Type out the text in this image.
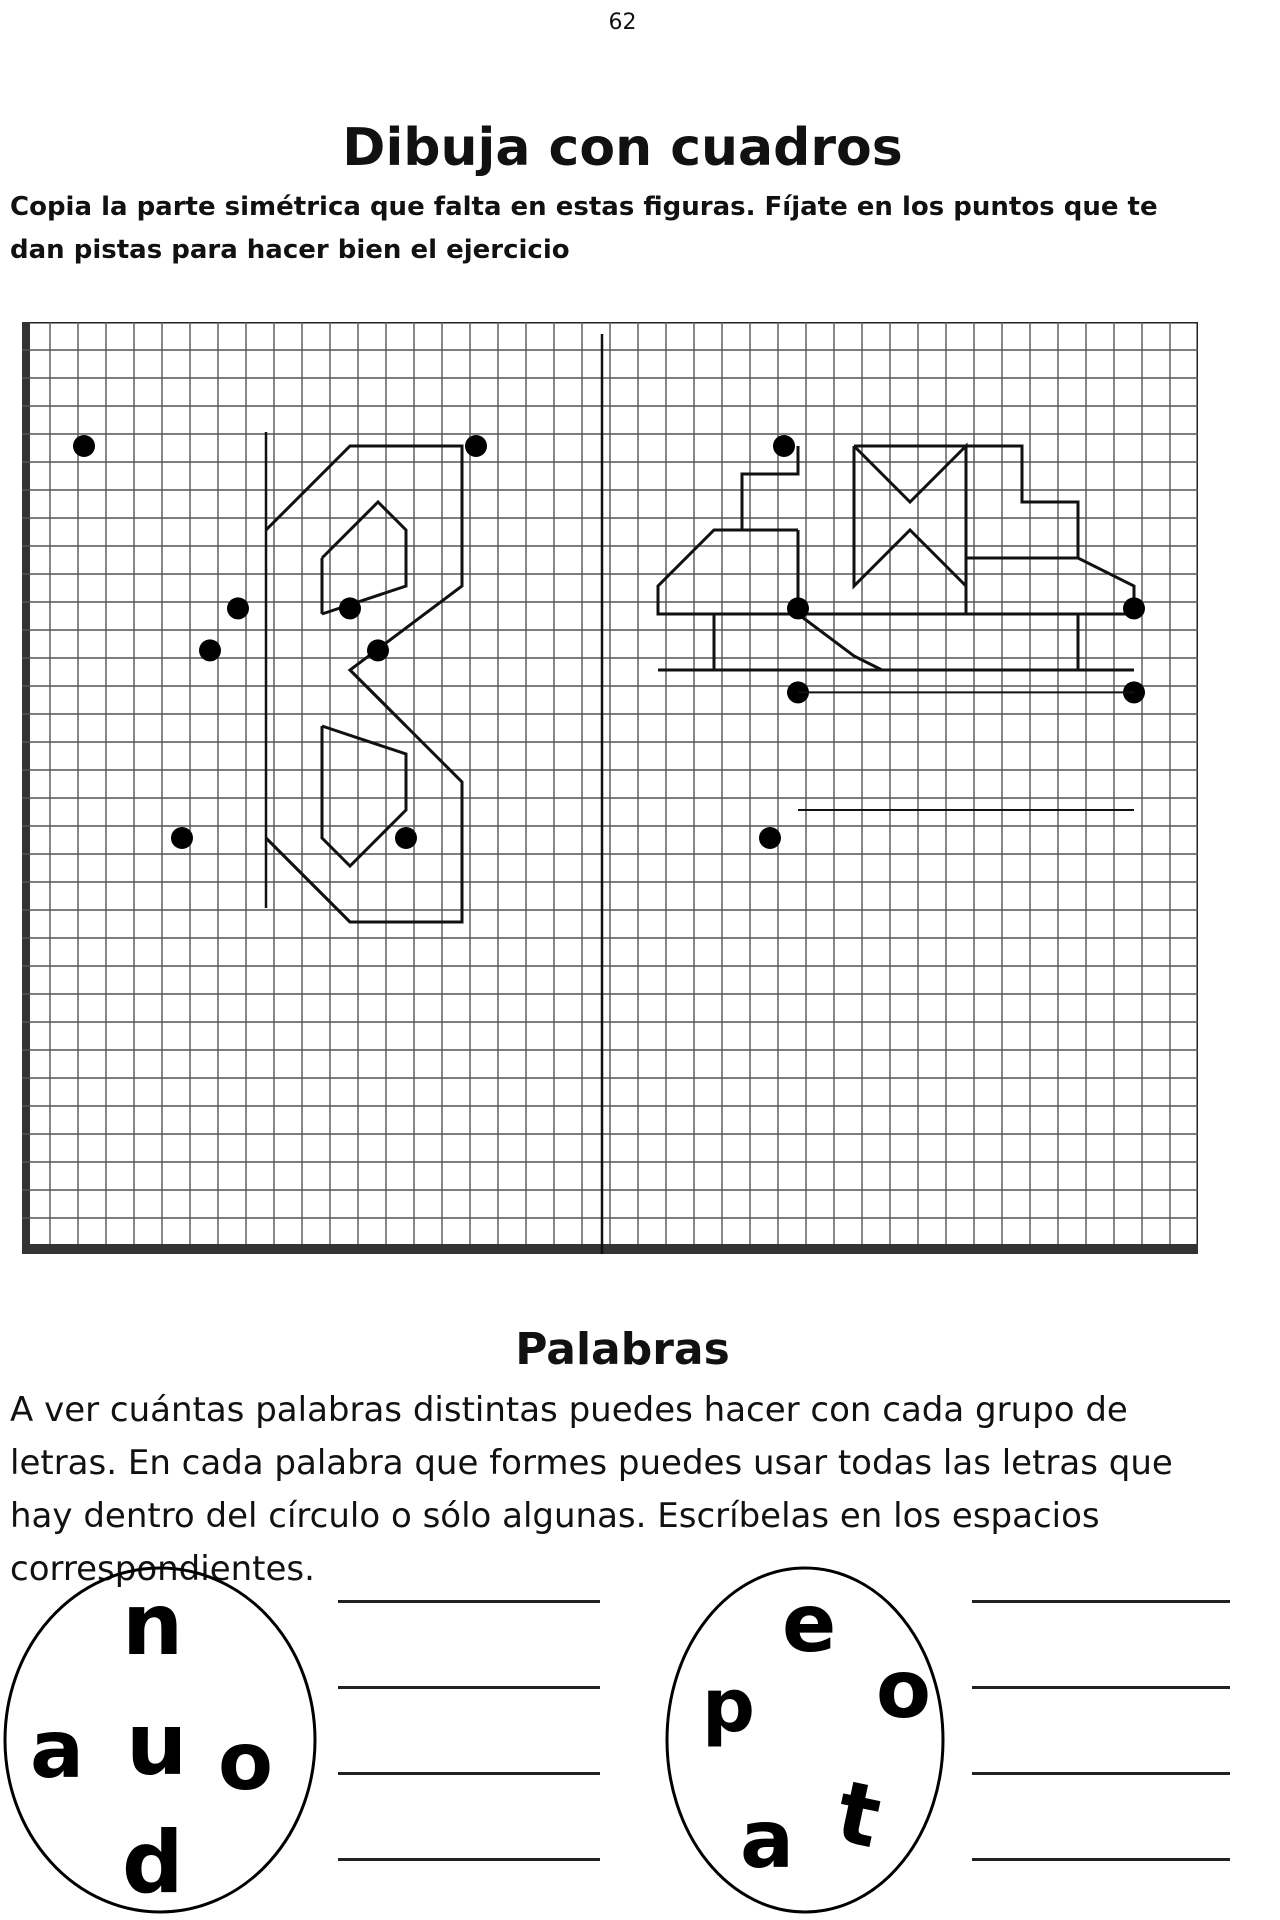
62
Dibuja con cuadros
Copia la parte simétrica que falta en estas figuras. Fíjate en los puntos que te dan pistas para hacer bien el ejercicio
Palabras
A ver cuántas palabras distintas puedes hacer con cada grupo de letras. En cada palabra que formes puedes usar todas las letras que hay dentro del círculo o sólo algunas. Escríbelas en los espacios correspondientes.
n
a u o
d
e
p o
a t
